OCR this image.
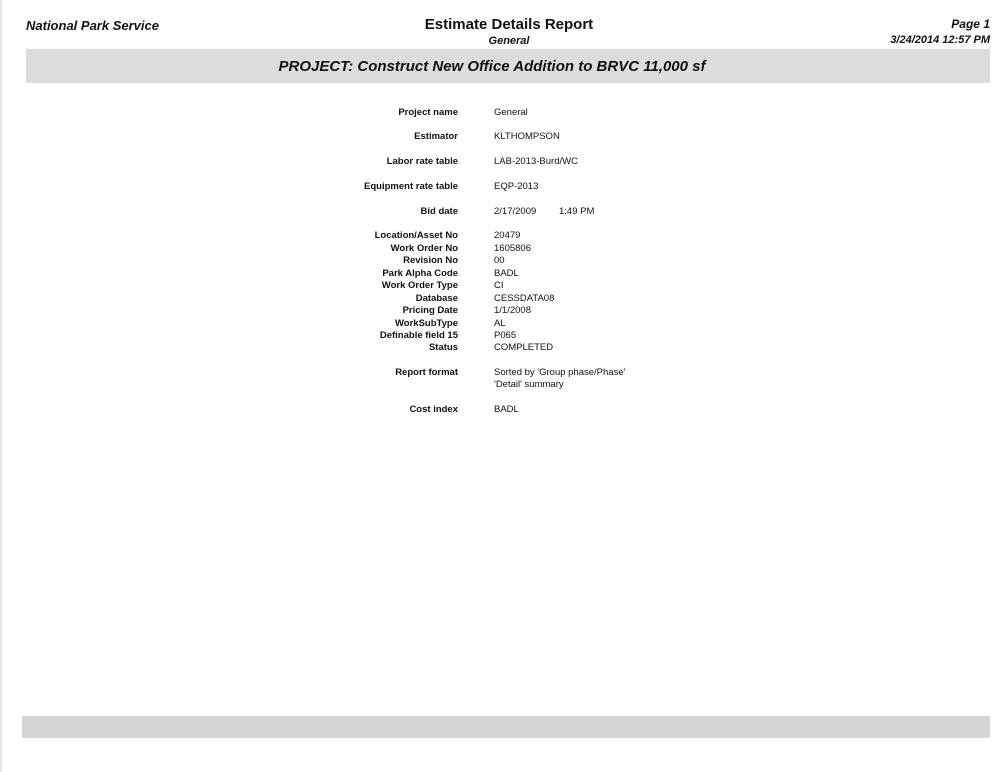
National Park Service	Estimate Details Report
General
Page 1
3/24/2014 12:57 PM
PROJECT: Construct New Office Addition to BRVC 11,000 sf
Project name	General
Estimator	KLTHOMPSON
Labor rate table	LAB-2013-Burd/WC
Equipment rate table	EQP-2013
Bid date	2/17/2009 1:49 PM
Location/Asset No	20479
Work Order No	1605806
Revision No	00
Park Alpha Code	BADL
Work Order Type	CI
Database	CESSDATA08
Pricing Date	1/1/2008
WorkSubType	AL
Definable field 15	P065
Status	COMPLETED
Report format	Sorted by 'Group phase/Phase'
'Detail' summary
Cost index	BADL
